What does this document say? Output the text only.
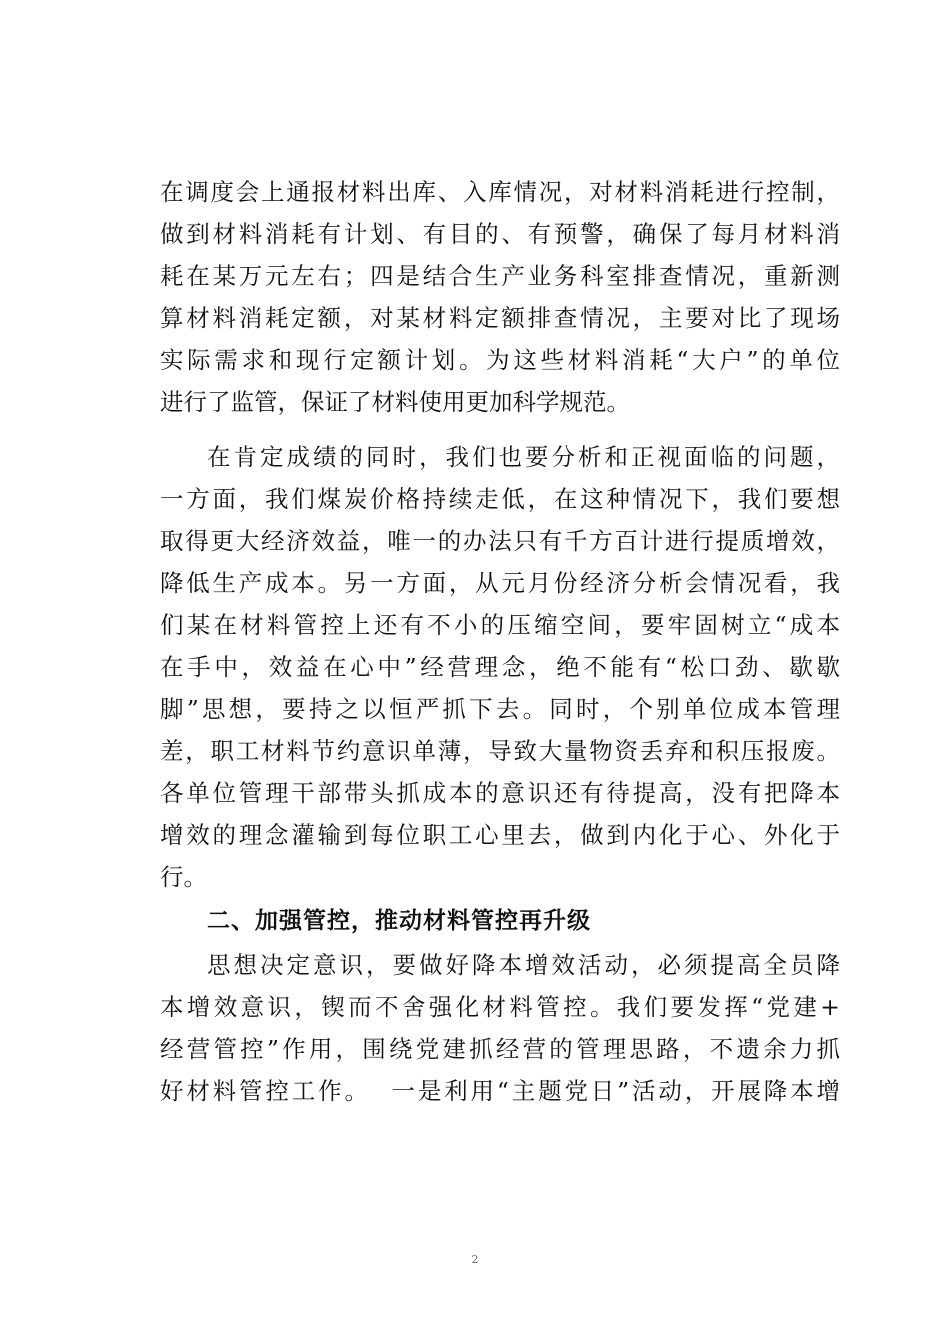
在调度会上通报材料出库、入库情况，对材料消耗进行控制，
做到材料消耗有计划、有目的、有预警，确保了每月材料消
耗在某万元左右；四是结合生产业务科室排查情况，重新测
算材料消耗定额，对某材料定额排查情况，主要对比了现场
实际需求和现行定额计划。为这些材料消耗“大户”的单位
进行了监管，保证了材料使用更加科学规范。
在肯定成绩的同时，我们也要分析和正视面临的问题，
一方面，我们煤炭价格持续走低，在这种情况下，我们要想
取得更大经济效益，唯一的办法只有千方百计进行提质增效，
降低生产成本。另一方面，从元月份经济分析会情况看，我
们某在材料管控上还有不小的压缩空间，要牢固树立“成本
在手中，效益在心中”经营理念，绝不能有“松口劲、歇歇
脚”思想，要持之以恒严抓下去。同时，个别单位成本管理
差，职工材料节约意识单薄，导致大量物资丢弃和积压报废。
各单位管理干部带头抓成本的意识还有待提高，没有把降本
增效的理念灌输到每位职工心里去，做到内化于心、外化于
行。
二、加强管控，推动材料管控再升级
思想决定意识，要做好降本增效活动，必须提高全员降
本增效意识，锲而不舍强化材料管控。我们要发挥“党建+
经营管控”作用，围绕党建抓经营的管理思路，不遗余力抓
好材料管控工作。  一是利用“主题党日”活动，开展降本增
2
